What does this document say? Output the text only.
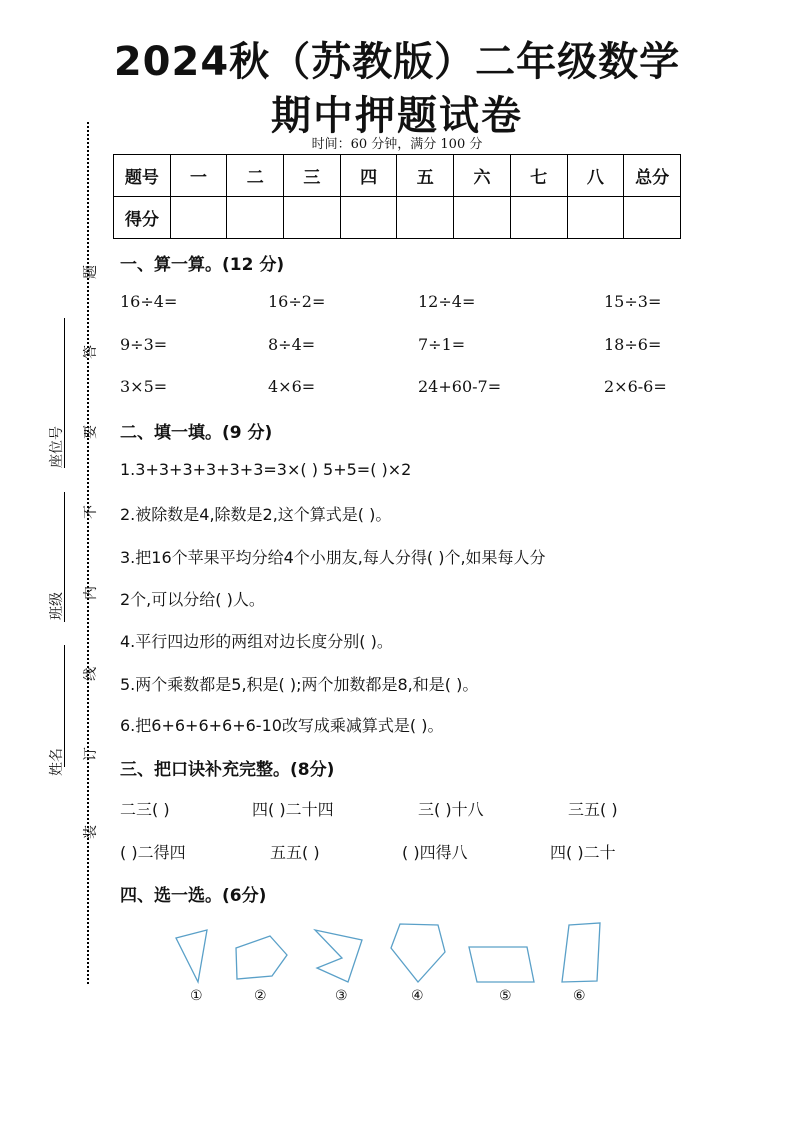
2024秋（苏教版）二年级数学
期中押题试卷
时间：60 分钟，满分 100 分
题号	一	二	三	四	五	六	七	八	总分
得分									
题
答
要
不
内
线
订
装
座位号
班级
姓名
一、算一算。(12 分)
16÷4=	16÷2=	12÷4=	15÷3=
9÷3=	8÷4=	7÷1=	18÷6=
3×5=	4×6=	24+60-7=	2×6-6=
二、填一填。(9 分)
1.3+3+3+3+3+3=3×( ) 5+5=( )×2
2.被除数是4,除数是2,这个算式是( )。
3.把16个苹果平均分给4个小朋友,每人分得( )个,如果每人分
2个,可以分给( )人。
4.平行四边形的两组对边长度分别( )。
5.两个乘数都是5,积是( );两个加数都是8,和是( )。
6.把6+6+6+6+6-10改写成乘减算式是( )。
三、把口诀补充完整。(8分)
二三( )	四( )二十四	三( )十八	三五( )
( )二得四	五五( )	( )四得八	四( )二十
四、选一选。(6分)
①	②	③	④	⑤	⑥
